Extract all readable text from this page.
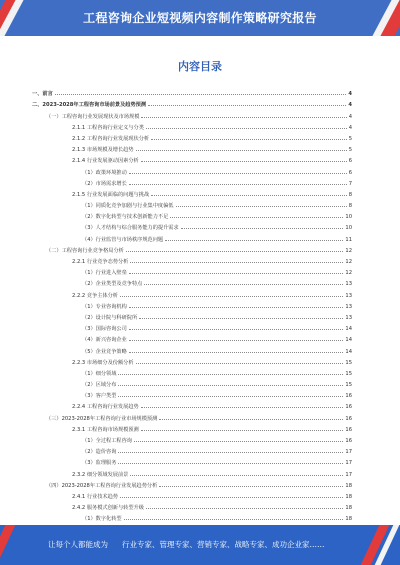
工程咨询企业短视频内容制作策略研究报告
内容目录
一、前言	4
二、2023-2028年工程咨询市场前景及趋势预测	4
（一）工程咨询行业发展现状及市场规模	4
2.1.1 工程咨询行业定义与分类	4
2.1.2 工程咨询行业发展现状分析	5
2.1.3 市场规模及增长趋势	5
2.1.4 行业发展驱动因素分析	6
（1）政策环境推动	6
（2）市场需求增长	7
2.1.5 行业发展面临的问题与挑战	8
（1）同质化竞争加剧与行业集中度偏低	8
（2）数字化转型与技术创新能力不足	10
（3）人才结构与综合服务能力的提升需求	10
（4）行业监管与市场秩序规范问题	11
（二）工程咨询行业竞争格局分析	12
2.2.1 行业竞争态势分析	12
（1）行业进入壁垒	12
（2）企业类型及竞争特点	13
2.2.2 竞争主体分析	13
（1）专业咨询机构	13
（2）设计院与科研院所	13
（3）国际咨询公司	14
（4）新兴咨询企业	14
（5）企业竞争策略	14
2.2.3 市场细分及份额分析	15
（1）细分领域	15
（2）区域分布	15
（3）客户类型	16
2.2.4 工程咨询行业发展趋势	16
（三）2023-2028年工程咨询行业市场规模预测	16
2.3.1 工程咨询市场规模预测	16
（1）全过程工程咨询	16
（2）造价咨询	17
（3）监理服务	17
2.3.2 细分领域发展前景	17
（四）2023-2028年工程咨询行业发展趋势分析	18
2.4.1 行业技术趋势	18
2.4.2 服务模式创新与转型升级	18
（1）数字化转型	18
让每个人都能成为 行业专家、管理专家、营销专家、战略专家、成功企业家……
